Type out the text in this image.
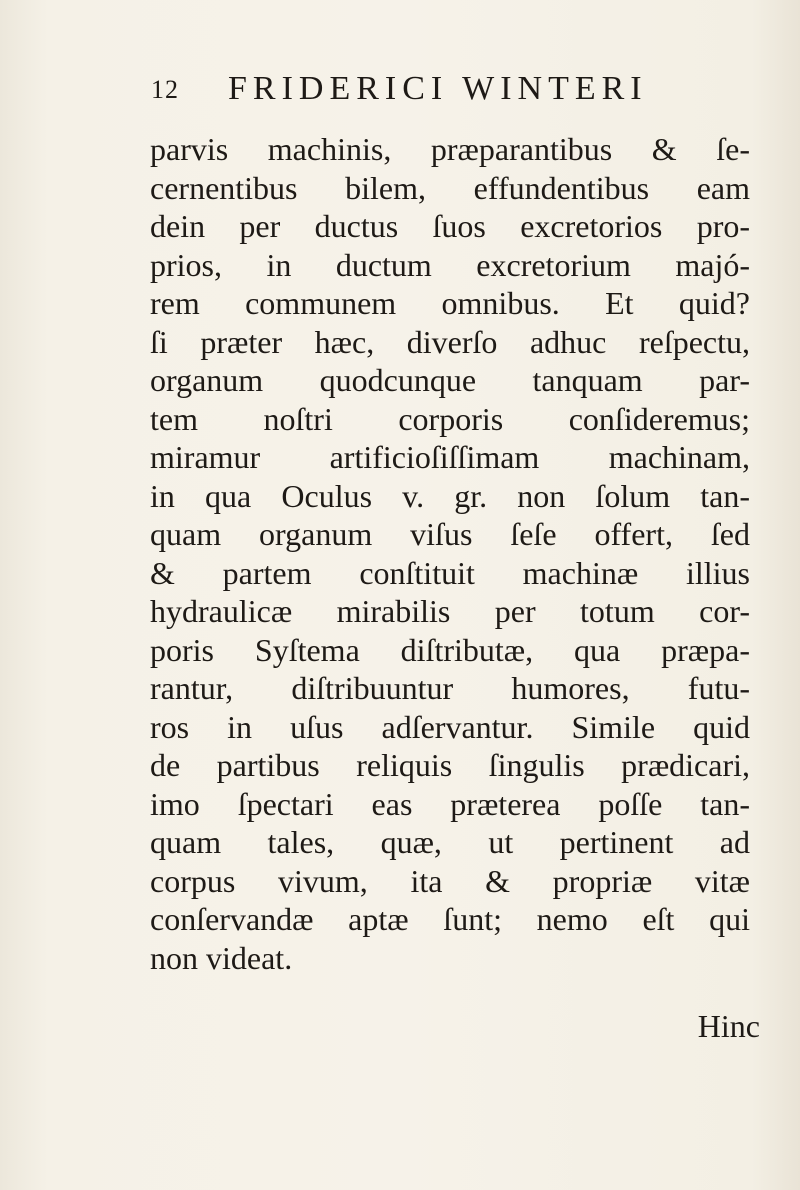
12 FRIDERICI WINTERI
parvis machinis, præparantibus & ſe-
cernentibus bilem, effundentibus eam
dein per ductus ſuos excretorios pro-
prios, in ductum excretorium majó-
rem communem omnibus. Et quid?
ſi præter hæc, diverſo adhuc reſpectu,
organum quodcunque tanquam par-
tem noſtri corporis conſideremus;
miramur artificioſiſſimam machinam,
in qua Oculus v. gr. non ſolum tan-
quam organum viſus ſeſe offert, ſed
& partem conſtituit machinæ illius
hydraulicæ mirabilis per totum cor-
poris Syſtema diſtributæ, qua præpa-
rantur, diſtribuuntur humores, futu-
ros in uſus adſervantur. Simile quid
de partibus reliquis ſingulis prædicari,
imo ſpectari eas præterea poſſe tan-
quam tales, quæ, ut pertinent ad
corpus vivum, ita & propriæ vitæ
conſervandæ aptæ ſunt; nemo eſt qui
non videat.
Hinc
